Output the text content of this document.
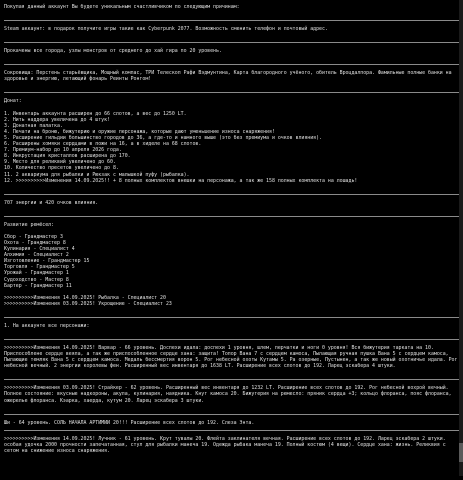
Покупая данный аккаунт Вы будете уникальным счастливчиком по следующим причинам:

Steam аккаунт: в подарок получите игры такие как Cyberpunk 2077. Возможность сменить телефон и почтовый адрес.

Прокачены все города, узлы монстров от среднего до хай гира по 20 уровень.

Сокровища: Перстень старьёвщика, Мощный компас, ТРИ Телескоп Рафи Вэдмунтина, Карта благородного учёного, обитель Вроцдалпора. Фамильные полные банки на здоровье и энергию, летающий фонарь Реинты Ронгом!

Донат:

1. Инвентарь аккаунта расширен до 66 слотов, а вес до 1250 LT.

2. Нить наддера увеличена до 4 штук!

3. Донатная палатка.

4. Печати на броню, бижутерию и оружие персонажа, которые дают уменьшение износа снаряжения!

5. Расширение гильдии большинство городов до 36, а где-то и намного выше (это без премиума и очков влияния).

6. Расширены хомяки сердцами в пожи на 16, а в хиделе на 68 слотов.

7. Премиум-набор до 10 апреля 2026 года.

8. Инкрустация кристаллов расширена до 170.

9. Место для реликвий увеличено до 60.

10. Количество пресетов увеличено до 8.

11. 2 аквариума для рыбалки и Рюкзак с малышкой пуфу (рыбалка).

12. >>>>>>>>>>Изменения 14.09.2025!! + 8 полных комплектов внешки на персонажа, а так же 158 полных комплекта на лошадь!

707 энергии и 420 очков влияния.

Развитие ремёсел:

Сбор - Грандмастер 3

Охота - Грандмастер 8

Кулинария - Специалист 4

Алхимия - Специалист 2

Изготовление - Грандмастер 15

Торговля - Грандмастер 5

Урожай - Грандмастер 1

Судоходство - Мастер 8

Бартер - Грандмастер 11

>>>>>>>>>>Изменения 14.09.2025! Рыбалка - Специалист 20

>>>>>>>>>>Изменения 03.09.2025! Укрощение - Специалист 23

1. На аккаунте все персонажи:

>>>>>>>>>>Изменения 14.09.2025! Варвар - 66 уровень. Доспехи идала: доспехи 1 уровня, шлем, перчатки и ноги 0 уровня! Вся бижутерия тарката на 10. Приспособлене сердце веяла, а так же приспособленное сердце хана: защита! Топор Вана 7 с сердцем камоса, Пылающая ручная пушка Вана 5 с сердцем камоса, Пылающие темляк Вана 5 с сердцем камоса. Медаль бессмертия ворон 5. Рог небесной охоты Кутамы 5. Ра озерные, Пустынен, а так же новый охотничье идала. Рог небесной вечный. 2 энергии королевы фен. Расширенный вес инвентаря до 1638 LT. Расширение всех слотов до 192. Ларец эскабера 4 штуки.

>>>>>>>>>>Изменения 03.09.2025! Страйкер - 62 уровень. Расширенный вес инвентаря до 1232 LT. Расширение всех слотов до 192. Рог небесной вохрой вечный. Полное состояние: вкусные надкороны, акула, кулинария, наядника. Кнут камоса 20. Бижутерия на ремесло: пряник сердца +3; кольцо флоранса, пояс флоранса, ожерелье флоранса. Кэарка, хаерда, кутум 20. Ларец эскабера 3 штуки.

Ши - 64 уровень. СОЛЬ НАЧАЛА АРТИМИИ 20!!! Расширение всех слотов до 192. Слеза Энта.

>>>>>>>>>>Изменения 14.09.2025! Лучник - 61 уровень. Крут тувалы 20. Флейта заклинателя вечная. Расширение всех слотов до 192. Ларец эскабера 2 штуки. особая удочка 2000 прочности запечатанная, стул для рыбалки манеча 19. Одежда рыбака манеча 19. Полный костюм (4 вещи). Сердце хана: жизнь. Реликвия с сетом на снижение износа снаряжения.
